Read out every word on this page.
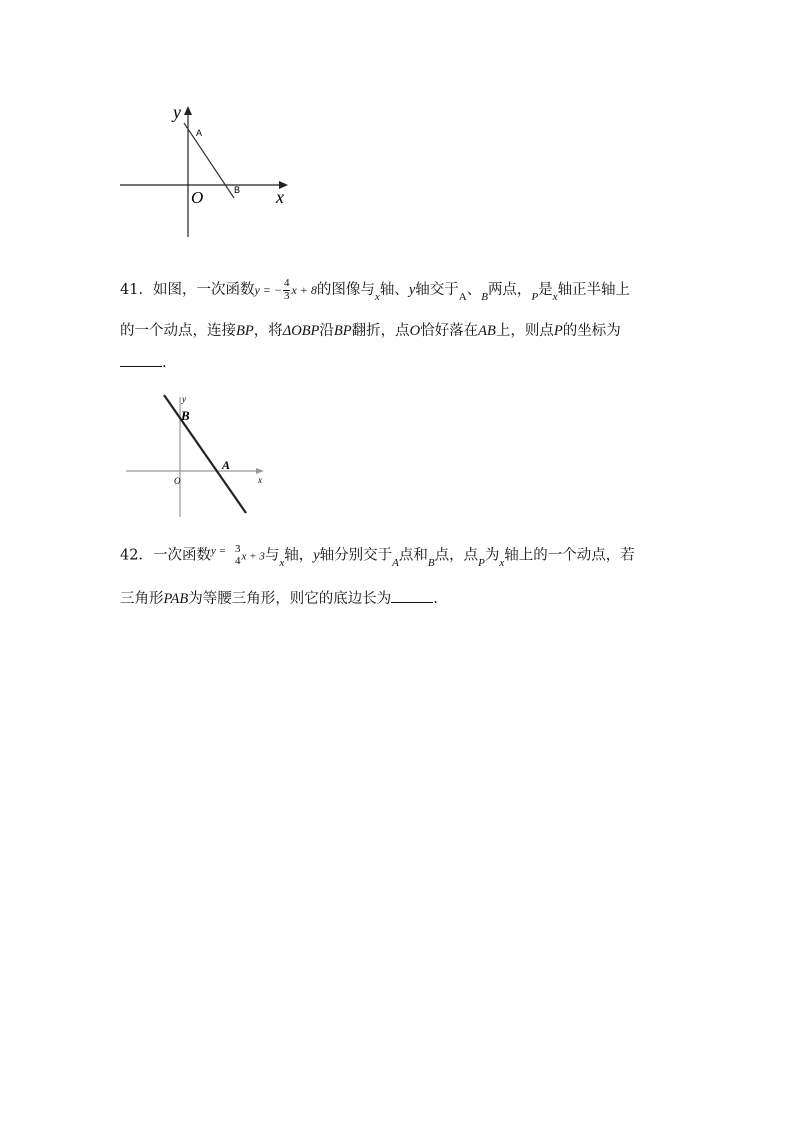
y
x
O
A
B
41．如图，一次函数y = − $\frac{4}{3}$ x + 8的图像与$_x$轴、y轴交于$_A$、$_B$两点，$_P$是$_x$轴正半轴上
的一个动点，连接BP，将ΔOBP沿BP翻折，点O恰好落在AB上，则点P的坐标为
.
y
x
O
B
A
42．一次函数$^{y =}$ 3
4 x + 3与$_x$轴，y轴分别交于$_A$点和$_B$点，点$_P$为$_x$轴上的一个动点，若
三角形PAB为等腰三角形，则它的底边长为	.
